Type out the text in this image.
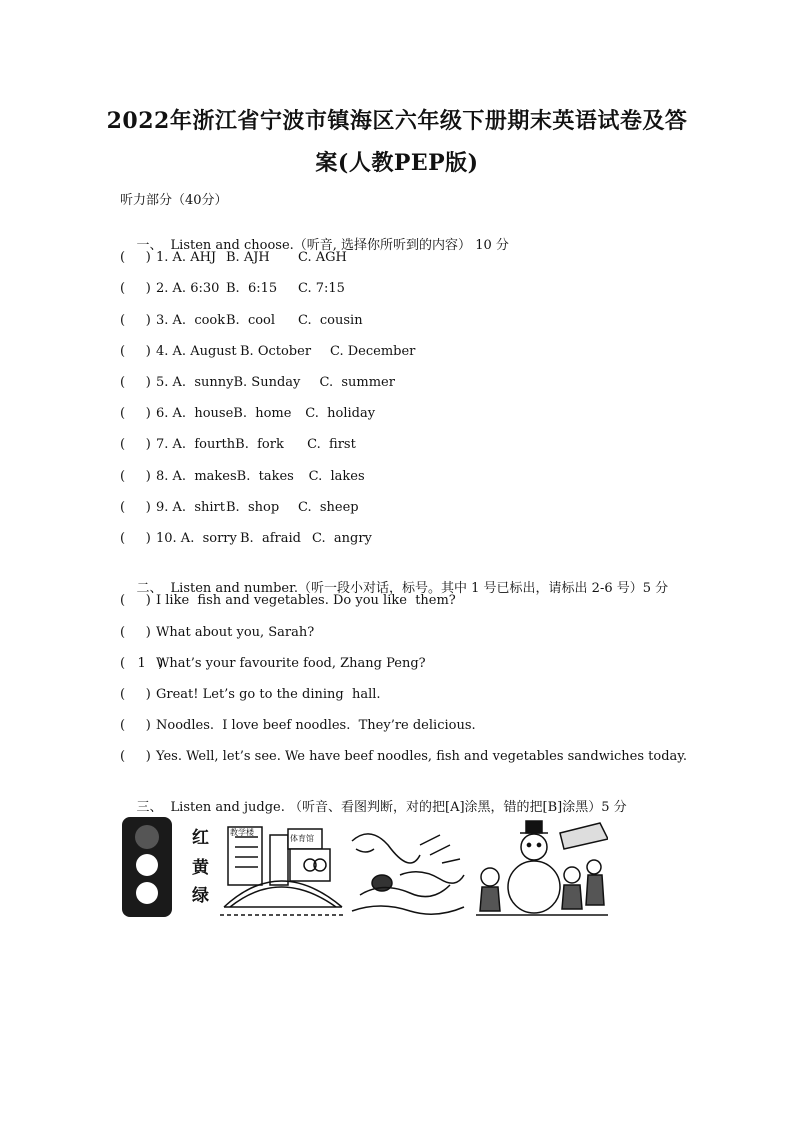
2022年浙江省宁波市镇海区六年级下册期末英语试卷及答
案(人教PEP版)
听力部分（40分）

一、 Listen and choose.（听音, 选择你所听到的内容） 10 分

(     ) 1. A. AHJ B. AJH C. AGH
(     ) 2. A. 6:30 B.  6:15 C. 7:15
(     ) 3. A.  cookB.  cool C.  cousin
(     ) 4. A. August B. October C. December
(     ) 5. A.  sunnyB. Sunday C.  summer
(     ) 6. A.  houseB.  home C.  holiday
(     ) 7. A.  fourthB.  fork C.  first
(     ) 8. A.  makesB.  takes C.  lakes
(     ) 9. A.  shirtB.  shop C.  sheep
(     ) 10. A.  sorry B.  afraid C.  angry

二、 Listen and number.（听一段小对话，标号。其中 1 号已标出，请标出 2-6 号）5 分

(     ) I like  fish and vegetables. Do you like  them?
(     ) What about you, Sarah?
(   1   )What’s your favourite food, Zhang Peng?
(     ) Great! Let’s go to the dining  hall.
(     ) Noodles.  I love beef noodles.  They’re delicious.
(     ) Yes. Well, let’s see. We have beef noodles, fish and vegetables sandwiches today.

三、 Listen and judge. （听音、看图判断，对的把[A]涂黑，错的把[B]涂黑）5 分

红
黄
绿
教学楼
体育馆
